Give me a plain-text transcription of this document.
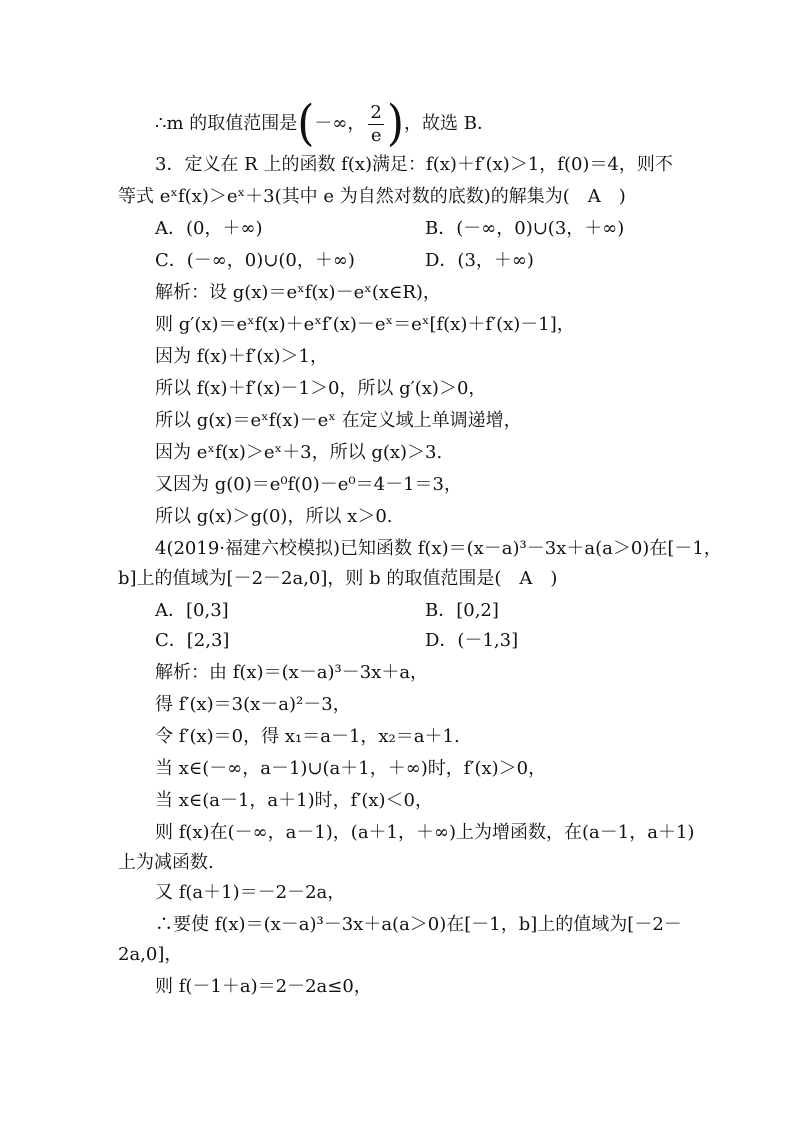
∴m 的取值范围是(－∞， $\frac{2}{e}$ )，故选 B．
3．定义在 R 上的函数 f(x)满足：f(x)＋f′(x)＞1，f(0)＝4，则不
等式 eˣf(x)＞eˣ＋3(其中 e 为自然对数的底数)的解集为(　A　)
A．(0，＋∞)	B．(－∞，0)∪(3，＋∞)
C．(－∞，0)∪(0，＋∞)	D．(3，＋∞)
解析：设 g(x)＝eˣf(x)－eˣ(x∈R)，
则 g′(x)＝eˣf(x)＋eˣf′(x)－eˣ＝eˣ[f(x)＋f′(x)－1]，
因为 f(x)＋f′(x)＞1，
所以 f(x)＋f′(x)－1＞0，所以 g′(x)＞0，
所以 g(x)＝eˣf(x)－eˣ 在定义域上单调递增，
因为 eˣf(x)＞eˣ＋3，所以 g(x)＞3.
又因为 g(0)＝e⁰f(0)－e⁰＝4－1＝3，
所以 g(x)＞g(0)，所以 x＞0.
4(2019·福建六校模拟)已知函数 f(x)＝(x－a)³－3x＋a(a＞0)在[－1，
b]上的值域为[－2－2a,0]，则 b 的取值范围是(　A　)
A．[0,3]	B．[0,2]
C．[2,3]	D．(－1,3]
解析：由 f(x)＝(x－a)³－3x＋a，
得 f′(x)＝3(x－a)²－3，
令 f′(x)＝0，得 x₁＝a－1，x₂＝a＋1.
当 x∈(－∞，a－1)∪(a＋1，＋∞)时，f′(x)＞0，
当 x∈(a－1，a＋1)时，f′(x)＜0，
则 f(x)在(－∞，a－1)，(a＋1，＋∞)上为增函数，在(a－1，a＋1)
上为减函数.
又 f(a＋1)＝－2－2a，
∴要使 f(x)＝(x－a)³－3x＋a(a＞0)在[－1，b]上的值域为[－2－
2a,0]，
则 f(－1＋a)＝2－2a≤0，
